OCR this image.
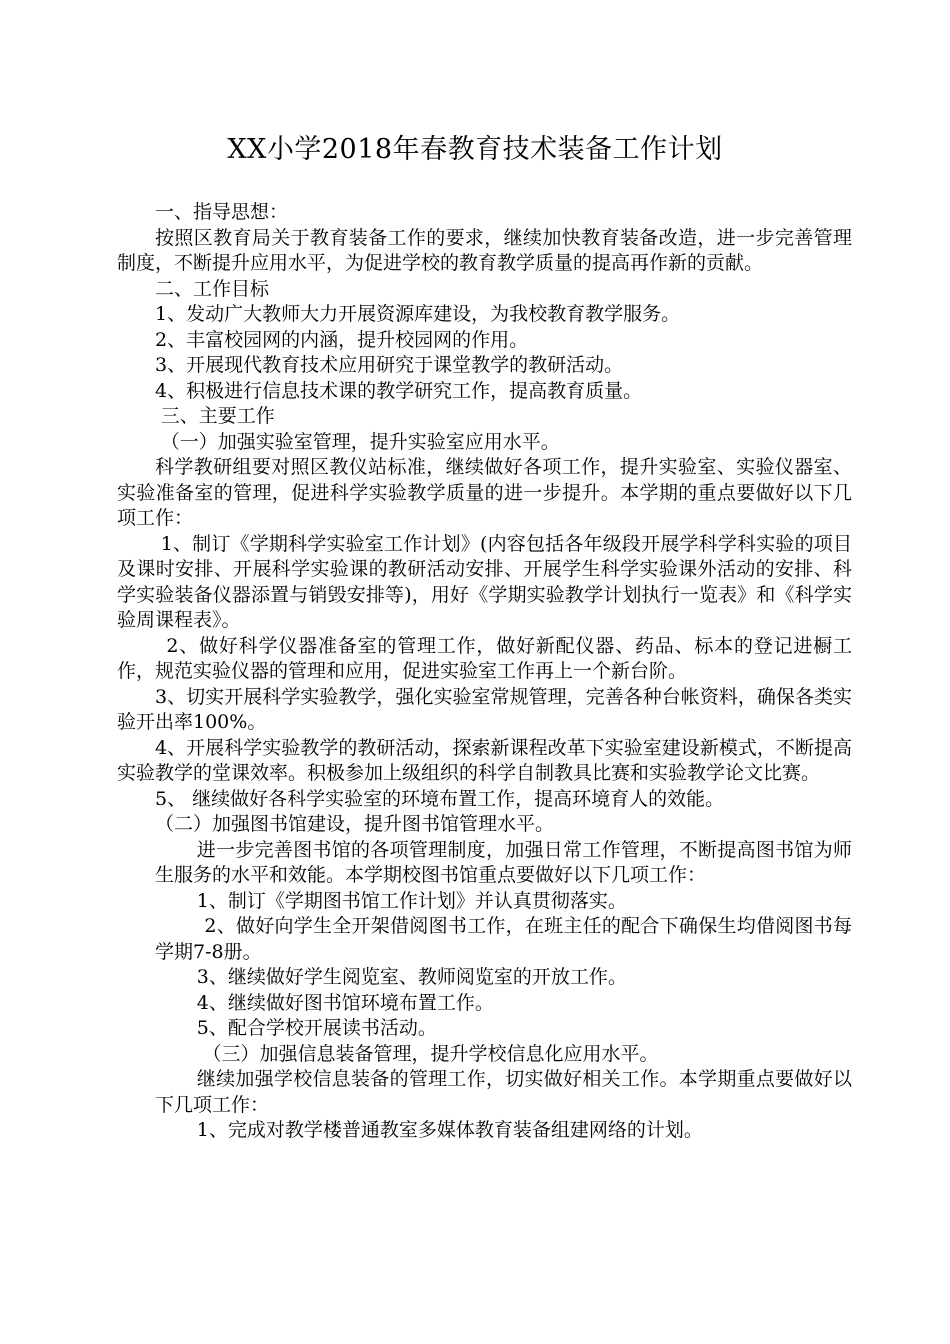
XX小学2018年春教育技术装备工作计划

一、指导思想：

按照区教育局关于教育装备工作的要求，继续加快教育装备改造，进一步完善管理制度，不断提升应用水平，为促进学校的教育教学质量的提高再作新的贡献。

二、工作目标

1、发动广大教师大力开展资源库建设，为我校教育教学服务。

2、丰富校园网的内涵，提升校园网的作用。

3、开展现代教育技术应用研究于课堂教学的教研活动。

4、积极进行信息技术课的教学研究工作，提高教育质量。

三、主要工作

（一）加强实验室管理，提升实验室应用水平。

科学教研组要对照区教仪站标准，继续做好各项工作，提升实验室、实验仪器室、实验准备室的管理，促进科学实验教学质量的进一步提升。本学期的重点要做好以下几项工作：

1、制订《学期科学实验室工作计划》(内容包括各年级段开展学科学科实验的项目及课时安排、开展科学实验课的教研活动安排、开展学生科学实验课外活动的安排、科学实验装备仪器添置与销毁安排等)，用好《学期实验教学计划执行一览表》和《科学实验周课程表》。

2、做好科学仪器准备室的管理工作，做好新配仪器、药品、标本的登记进橱工作，规范实验仪器的管理和应用，促进实验室工作再上一个新台阶。

3、切实开展科学实验教学，强化实验室常规管理，完善各种台帐资料，确保各类实验开出率100%。

4、开展科学实验教学的教研活动，探索新课程改革下实验室建设新模式，不断提高实验教学的堂课效率。积极参加上级组织的科学自制教具比赛和实验教学论文比赛。

5、 继续做好各科学实验室的环境布置工作，提高环境育人的效能。

（二）加强图书馆建设，提升图书馆管理水平。

进一步完善图书馆的各项管理制度，加强日常工作管理，不断提高图书馆为师生服务的水平和效能。本学期校图书馆重点要做好以下几项工作：

1、制订《学期图书馆工作计划》并认真贯彻落实。

2、做好向学生全开架借阅图书工作，在班主任的配合下确保生均借阅图书每学期7-8册。

3、继续做好学生阅览室、教师阅览室的开放工作。

4、继续做好图书馆环境布置工作。

5、配合学校开展读书活动。

（三）加强信息装备管理，提升学校信息化应用水平。

继续加强学校信息装备的管理工作，切实做好相关工作。本学期重点要做好以下几项工作：

1、完成对教学楼普通教室多媒体教育装备组建网络的计划。
